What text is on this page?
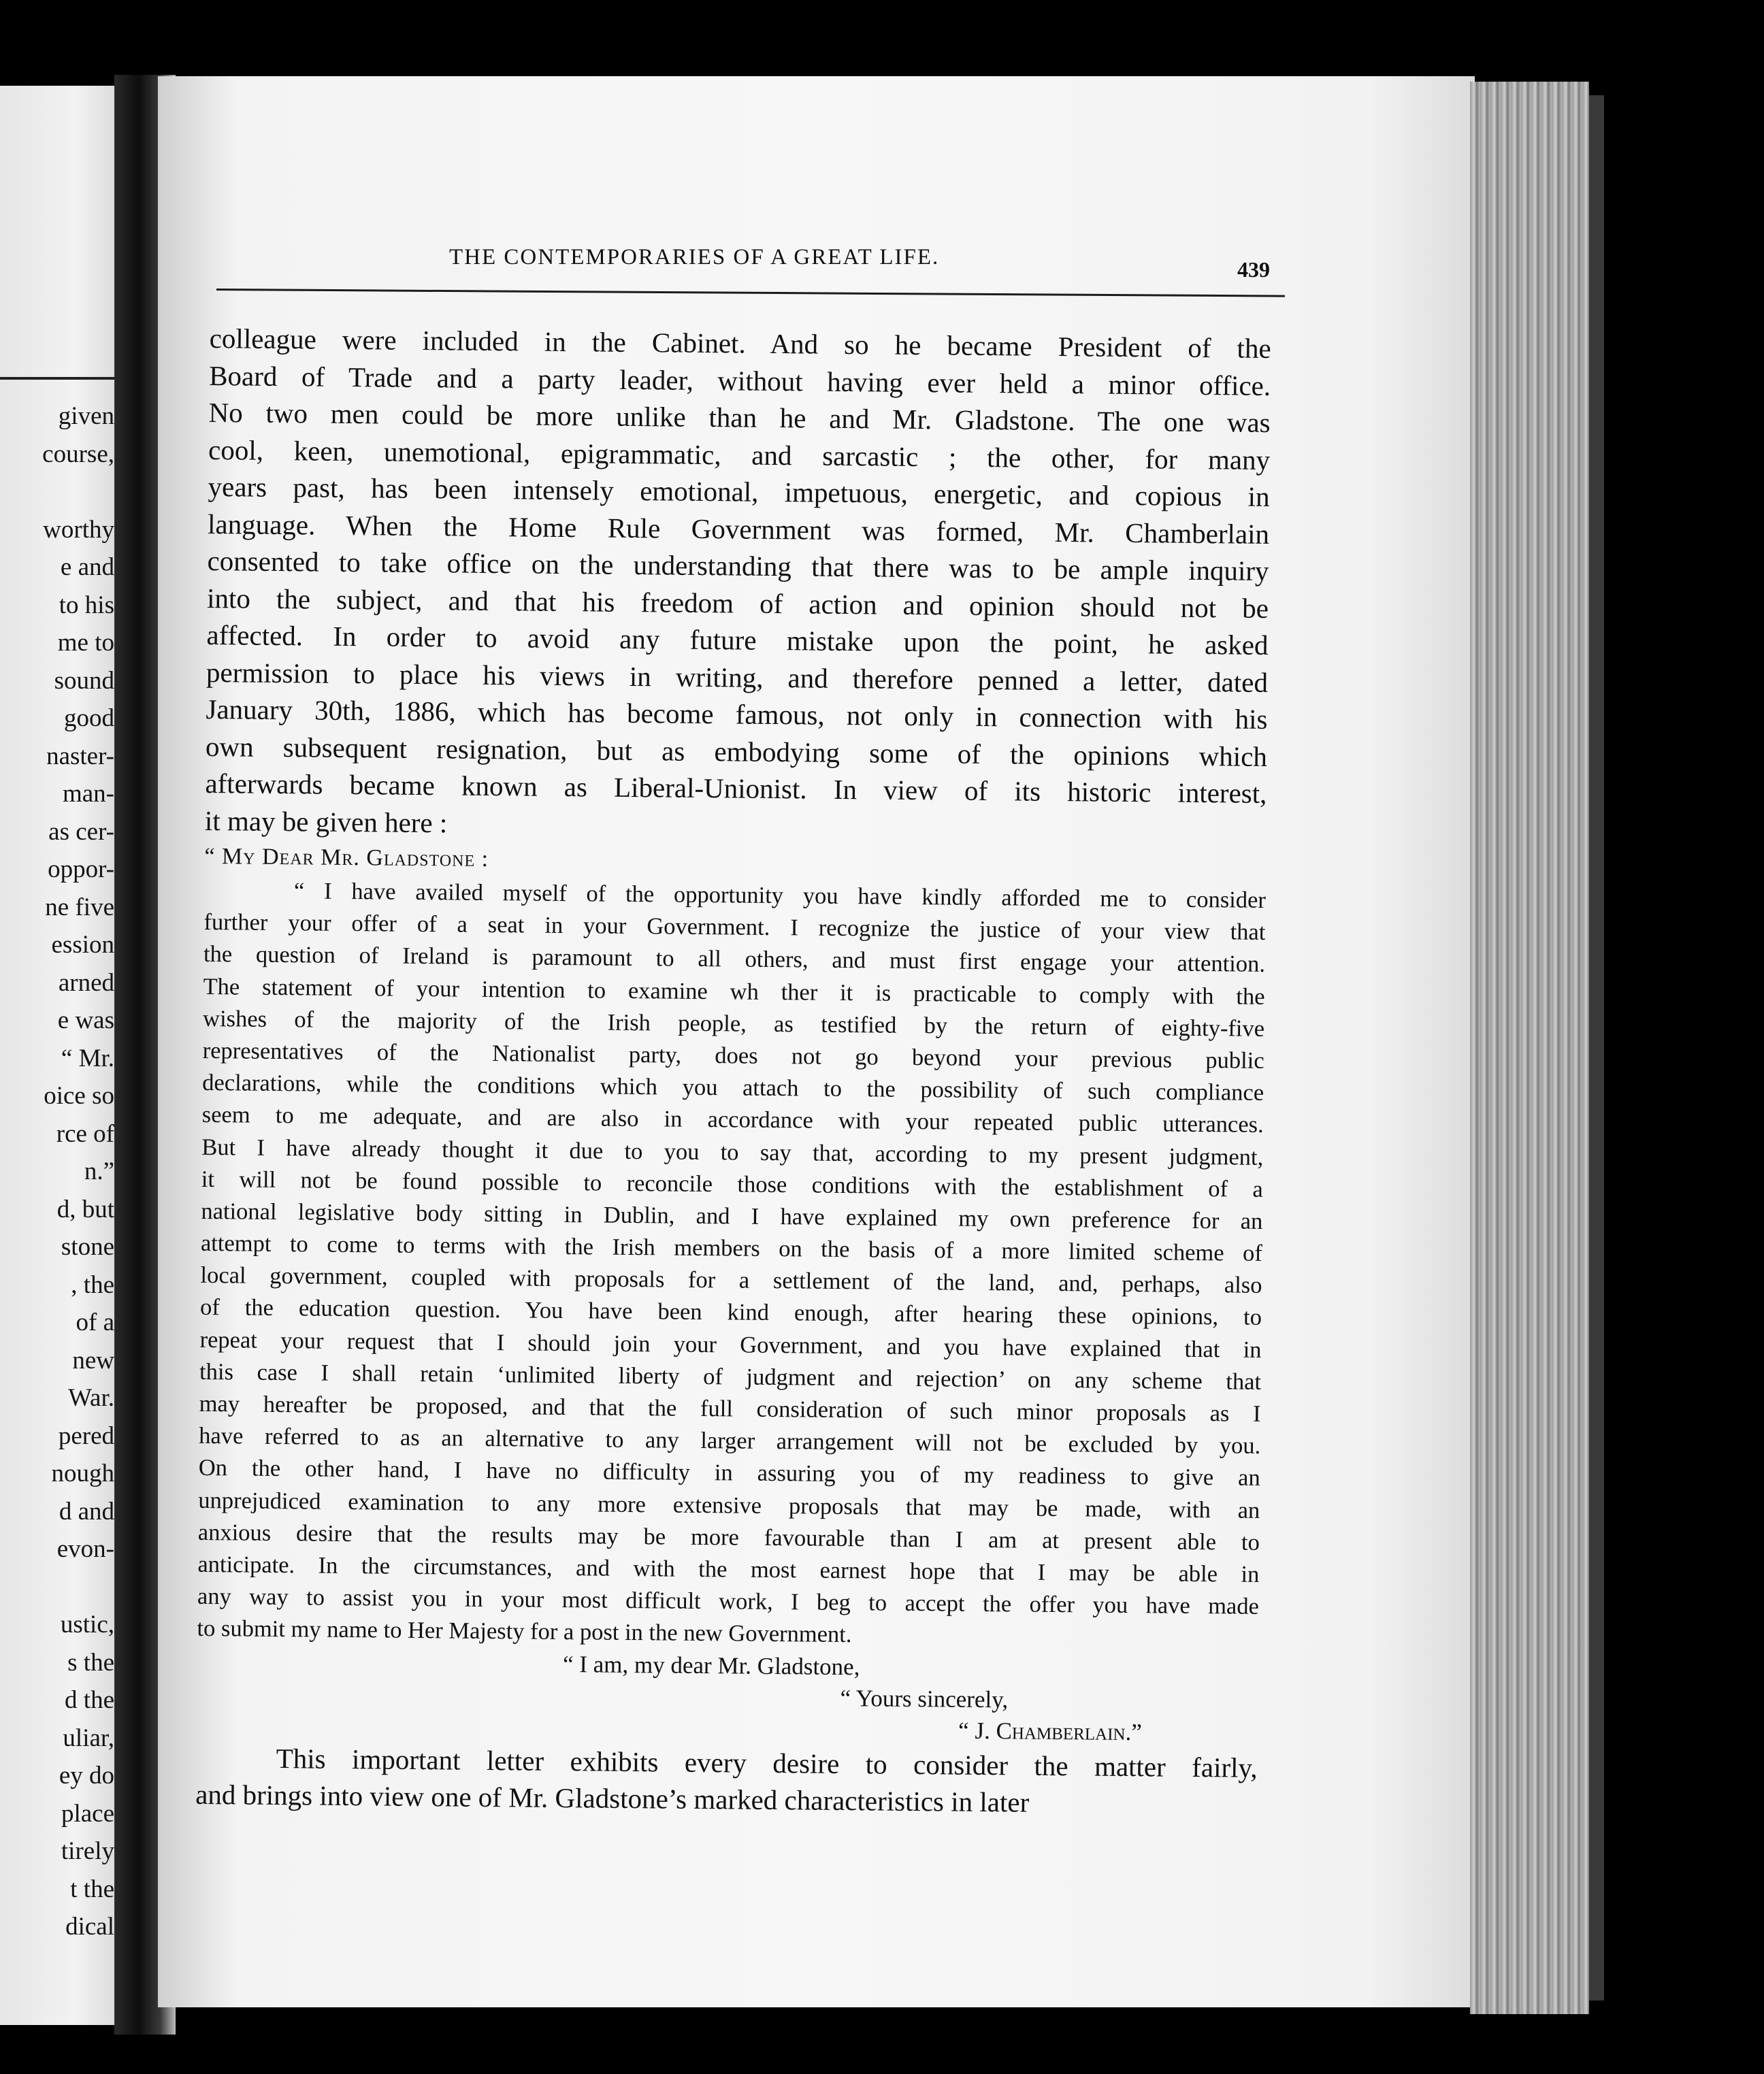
given
course,
worthy
e and
to his
me to
sound
good
naster-
man-
as cer-
oppor-
ne five
ession
arned
e was
“ Mr.
oice so
rce of
n.”
d, but
stone
, the
of a
new
War.
pered
nough
d and
evon-
ustic,
s the
d the
uliar,
ey do
place
tirely
t the
dical
THE CONTEMPORARIES OF A GREAT LIFE.	439
colleague were included in the Cabinet. And so he became President of the
Board of Trade and a party leader, without having ever held a minor office.
No two men could be more unlike than he and Mr. Gladstone. The one was
cool, keen, unemotional, epigrammatic, and sarcastic ; the other, for many
years past, has been intensely emotional, impetuous, energetic, and copious in
language. When the Home Rule Government was formed, Mr. Chamberlain
consented to take office on the understanding that there was to be ample inquiry
into the subject, and that his freedom of action and opinion should not be
affected. In order to avoid any future mistake upon the point, he asked
permission to place his views in writing, and therefore penned a letter, dated
January 30th, 1886, which has become famous, not only in connection with his
own subsequent resignation, but as embodying some of the opinions which
afterwards became known as Liberal-Unionist. In view of its historic interest,
it may be given here :
“ My Dear Mr. Gladstone :
“ I have availed myself of the opportunity you have kindly afforded me to consider
further your offer of a seat in your Government. I recognize the justice of your view that
the question of Ireland is paramount to all others, and must first engage your attention.
The statement of your intention to examine wh ther it is practicable to comply with the
wishes of the majority of the Irish people, as testified by the return of eighty-five
representatives of the Nationalist party, does not go beyond your previous public
declarations, while the conditions which you attach to the possibility of such compliance
seem to me adequate, and are also in accordance with your repeated public utterances.
But I have already thought it due to you to say that, according to my present judgment,
it will not be found possible to reconcile those conditions with the establishment of a
national legislative body sitting in Dublin, and I have explained my own preference for an
attempt to come to terms with the Irish members on the basis of a more limited scheme of
local government, coupled with proposals for a settlement of the land, and, perhaps, also
of the education question. You have been kind enough, after hearing these opinions, to
repeat your request that I should join your Government, and you have explained that in
this case I shall retain ‘unlimited liberty of judgment and rejection’ on any scheme that
may hereafter be proposed, and that the full consideration of such minor proposals as I
have referred to as an alternative to any larger arrangement will not be excluded by you.
On the other hand, I have no difficulty in assuring you of my readiness to give an
unprejudiced examination to any more extensive proposals that may be made, with an
anxious desire that the results may be more favourable than I am at present able to
anticipate. In the circumstances, and with the most earnest hope that I may be able in
any way to assist you in your most difficult work, I beg to accept the offer you have made
to submit my name to Her Majesty for a post in the new Government.
“ I am, my dear Mr. Gladstone,
“ Yours sincerely,
“ J. Chamberlain.”
This important letter exhibits every desire to consider the matter fairly,
and brings into view one of Mr. Gladstone’s marked characteristics in later
